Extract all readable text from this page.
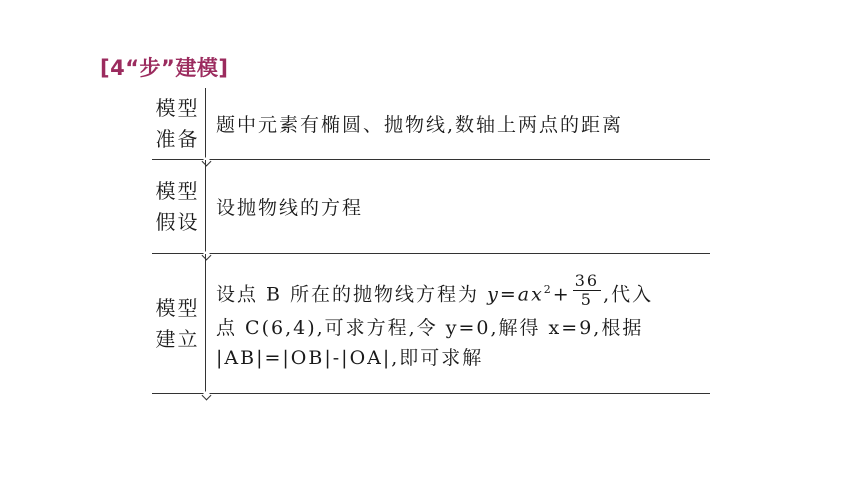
[4“步”建模]
模型
准备
题中元素有椭圆、抛物线,数轴上两点的距离
模型
假设
设抛物线的方程
模型
建立
设点 B 所在的抛物线方程为 $y=ax^2+ \frac{36}{5}$ ,代入
点 C(6,4),可求方程,令 y=0,解得 x=9,根据
|AB|=|OB|-|OA|,即可求解
